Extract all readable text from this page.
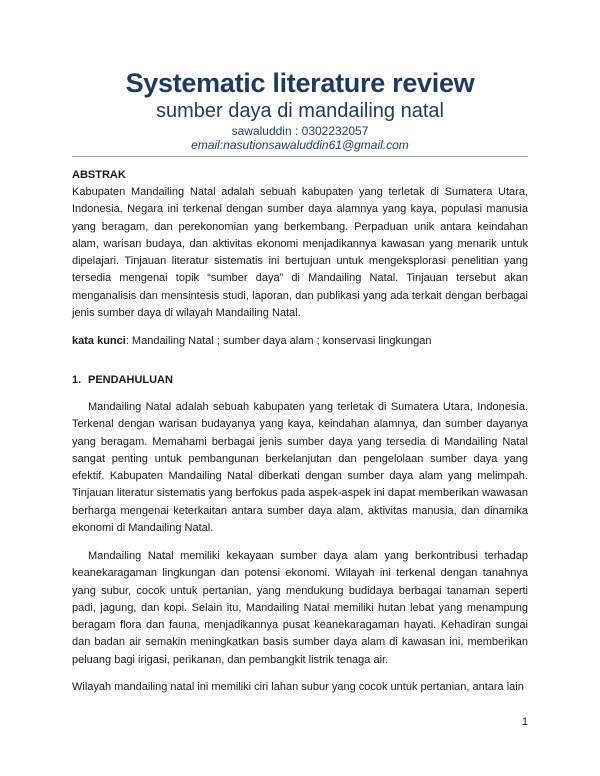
Systematic literature review
sumber daya di mandailing natal
sawaluddin : 0302232057
email:nasutionsawaluddin61@gmail.com
ABSTRAK
Kabupaten Mandailing Natal adalah sebuah kabupaten yang terletak di Sumatera Utara, Indonesia. Negara ini terkenal dengan sumber daya alamnya yang kaya, populasi manusia yang beragam, dan perekonomian yang berkembang. Perpaduan unik antara keindahan alam, warisan budaya, dan aktivitas ekonomi menjadikannya kawasan yang menarik untuk dipelajari. Tinjauan literatur sistematis ini bertujuan untuk mengeksplorasi penelitian yang tersedia mengenai topik “sumber daya” di Mandailing Natal. Tinjauan tersebut akan menganalisis dan mensintesis studi, laporan, dan publikasi yang ada terkait dengan berbagai jenis sumber daya di wilayah Mandailing Natal.
kata kunci: Mandailing Natal ; sumber daya alam ; konservasi lingkungan
1. PENDAHULUAN
Mandailing Natal adalah sebuah kabupaten yang terletak di Sumatera Utara, Indonesia. Terkenal dengan warisan budayanya yang kaya, keindahan alamnya, dan sumber dayanya yang beragam. Memahami berbagai jenis sumber daya yang tersedia di Mandailing Natal sangat penting untuk pembangunan berkelanjutan dan pengelolaan sumber daya yang efektif. Kabupaten Mandailing Natal diberkati dengan sumber daya alam yang melimpah. Tinjauan literatur sistematis yang berfokus pada aspek-aspek ini dapat memberikan wawasan berharga mengenai keterkaitan antara sumber daya alam, aktivitas manusia, dan dinamika ekonomi di Mandailing Natal.
Mandailing Natal memiliki kekayaan sumber daya alam yang berkontribusi terhadap keanekaragaman lingkungan dan potensi ekonomi. Wilayah ini terkenal dengan tanahnya yang subur, cocok untuk pertanian, yang mendukung budidaya berbagai tanaman seperti padi, jagung, dan kopi. Selain itu, Mandailing Natal memiliki hutan lebat yang menampung beragam flora dan fauna, menjadikannya pusat keanekaragaman hayati. Kehadiran sungai dan badan air semakin meningkatkan basis sumber daya alam di kawasan ini, memberikan peluang bagi irigasi, perikanan, dan pembangkit listrik tenaga air.
Wilayah mandailing natal ini memiliki ciri lahan subur yang cocok untuk pertanian, antara lain
1
